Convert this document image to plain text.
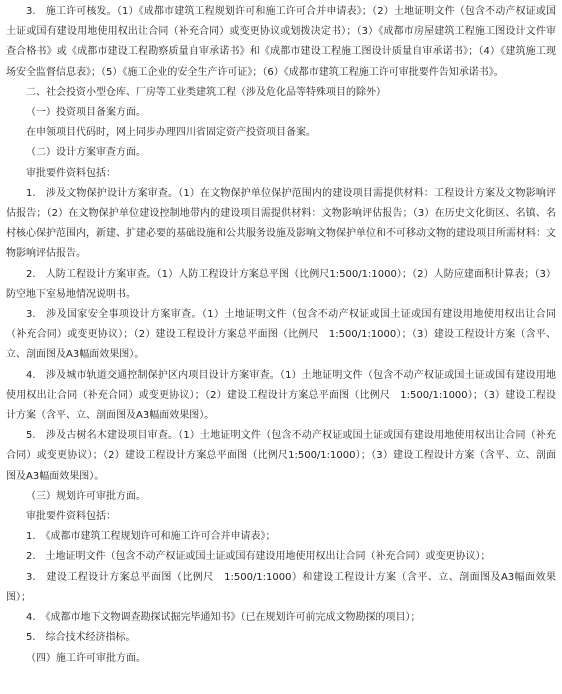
3.　施工许可核发。（1）《成都市建筑工程规划许可和施工许可合并申请表》；（2）土地证明文件（包含不动产权证或国土证或国有建设用地使用权出让合同（补充合同）或变更协议或划拨决定书）；（3）《成都市房屋建筑工程施工图设计文件审查合格书》或《成都市建设工程勘察质量自审承诺书》和《成都市建设工程施工图设计质量自审承诺书》；（4）《建筑施工现场安全监督信息表》；（5）《施工企业的安全生产许可证》；（6）《成都市建筑工程施工许可审批要件告知承诺书》。

二、社会投资小型仓库、厂房等工业类建筑工程（涉及危化品等特殊项目的除外）

（一）投资项目备案方面。

在申领项目代码时，网上同步办理四川省固定资产投资项目备案。

（二）设计方案审查方面。

审批要件资料包括：

1.　涉及文物保护设计方案审查。（1）在文物保护单位保护范围内的建设项目需提供材料：工程设计方案及文物影响评估报告；（2）在文物保护单位建设控制地带内的建设项目需提供材料：文物影响评估报告；（3）在历史文化街区、名镇、名村核心保护范围内，新建、扩建必要的基础设施和公共服务设施及影响文物保护单位和不可移动文物的建设项目所需材料：文物影响评估报告。

2.　人防工程设计方案审查。（1）人防工程设计方案总平图（比例尺1:500/1:1000）；（2）人防应建面积计算表；（3）防空地下室易地情况说明书。

3.　涉及国家安全事项设计方案审查。（1）土地证明文件（包含不动产权证或国土证或国有建设用地使用权出让合同（补充合同）或变更协议）；（2）建设工程设计方案总平面图（比例尺　1:500/1:1000）；（3）建设工程设计方案（含平、立、剖面图及A3幅面效果图）。

4.　涉及城市轨道交通控制保护区内项目设计方案审查。（1）土地证明文件（包含不动产权证或国土证或国有建设用地使用权出让合同（补充合同）或变更协议）；（2）建设工程设计方案总平面图（比例尺　1:500/1:1000）；（3）建设工程设计方案（含平、立、剖面图及A3幅面效果图）。

5.　涉及古树名木建设项目审查。（1）土地证明文件（包含不动产权证或国土证或国有建设用地使用权出让合同（补充合同）或变更协议）；（2）建设工程设计方案总平面图（比例尺1:500/1:1000）；（3）建设工程设计方案（含平、立、剖面图及A3幅面效果图）。

（三）规划许可审批方面。

审批要件资料包括：

1.　《成都市建筑工程规划许可和施工许可合并申请表》；

2.　土地证明文件（包含不动产权证或国土证或国有建设用地使用权出让合同（补充合同）或变更协议）；

3.　建设工程设计方案总平面图（比例尺　1:500/1:1000）和建设工程设计方案（含平、立、剖面图及A3幅面效果图）；

4.　《成都市地下文物调查勘探试掘完毕通知书》（已在规划许可前完成文物勘探的项目）；

5.　综合技术经济指标。

（四）施工许可审批方面。
